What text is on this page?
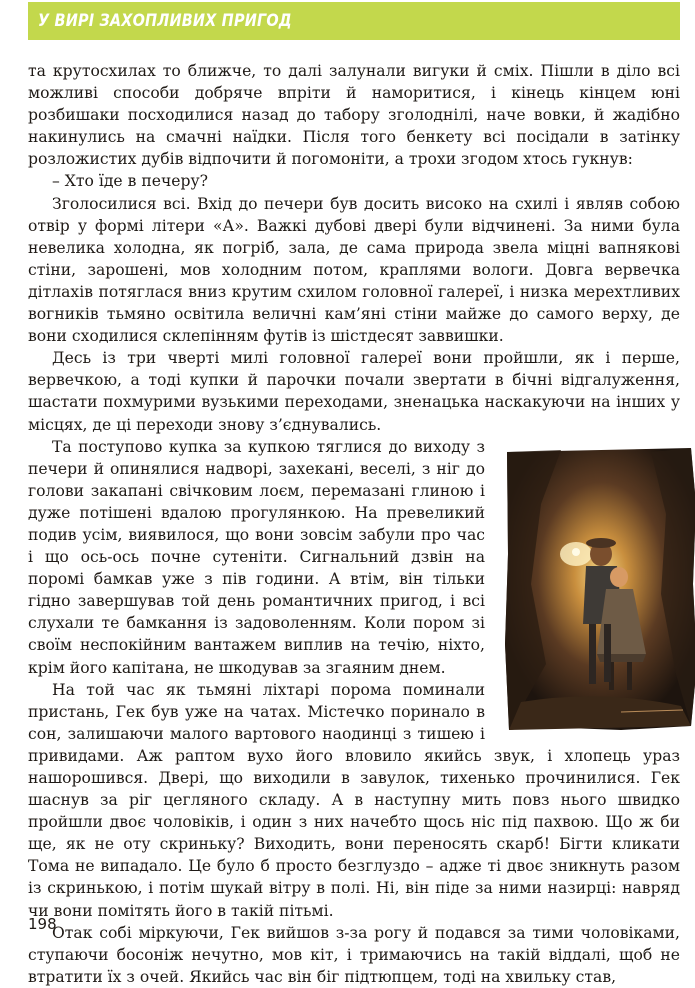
У ВИРІ ЗАХОПЛИВИХ ПРИГОД

та крутосхилах то ближче, то далі залунали вигуки й сміх. Пішли в діло всі можливі способи добряче впріти й наморитися, і кінець кінцем юні розбишаки посходилися назад до табору зголоднілі, наче вовки, й жадібно накинулись на смачні наїдки. Після того бенкету всі посідали в затінку розложистих дубів відпочити й погомоніти, а трохи згодом хтось гукнув:

– Хто їде в печеру?

Зголосилися всі. Вхід до печери був досить високо на схилі і являв собою отвір у формі літери «А». Важкі дубові двері були відчинені. За ними була невелика холодна, як погріб, зала, де сама природа звела міцні вапнякові стіни, зарошені, мов холодним потом, краплями вологи. Довга вервечка дітлахів потяглася вниз крутим схилом головної галереї, і низка мерехтливих вогників тьмяно освітила величні кам’яні стіни майже до самого верху, де вони сходилися склепінням футів із шістдесят заввишки.

Десь із три чверті милі головної галереї вони пройшли, як і перше, вервечкою, а тоді купки й парочки почали звертати в бічні відгалуження, шастати похмурими вузькими переходами, зненацька наскакуючи на інших у місцях, де ці переходи знову з’єднувались.

Та поступово купка за купкою тяглися до виходу з печери й опинялися надворі, захекані, веселі, з ніг до голови закапані свічковим лоєм, перемазані глиною і дуже потішені вдалою прогулянкою. На превеликий подив усім, виявилося, що вони зовсім забули про час і що ось-ось почне сутеніти. Сигнальний дзвін на поромі бамкав уже з пів години. А втім, він тільки гідно завершував той день романтичних пригод, і всі слухали те бамкання із задоволенням. Коли пором зі своїм неспокійним вантажем виплив на течію, ніхто, крім його капітана, не шкодував за згаяним днем.

На той час як тьмяні ліхтарі порома поминали пристань, Гек був уже на чатах. Містечко поринало в сон, залишаючи малого вартового наодинці з тишею і привидами. Аж раптом вухо його вловило якийсь звук, і хлопець ураз нашорошився. Двері, що виходили в завулок, тихенько прочинилися. Гек шаснув за ріг цегляного складу. А в наступну мить повз нього швидко пройшли двоє чоловіків, і один з них начебто щось ніс під пахвою. Що ж би ще, як не оту скриньку? Виходить, вони переносять скарб! Бігти кликати Тома не випадало. Це було б просто безглуздо – адже ті двоє зникнуть разом із скринькою, і потім шукай вітру в полі. Ні, він піде за ними назирці: навряд чи вони помітять його в такій пітьмі.

Отак собі міркуючи, Гек вийшов з-за рогу й подався за тими чоловіками, ступаючи босоніж нечутно, мов кіт, і тримаючись на такій віддалі, щоб не втратити їх з очей. Якийсь час він біг підтюпцем, тоді на хвильку став,

198
